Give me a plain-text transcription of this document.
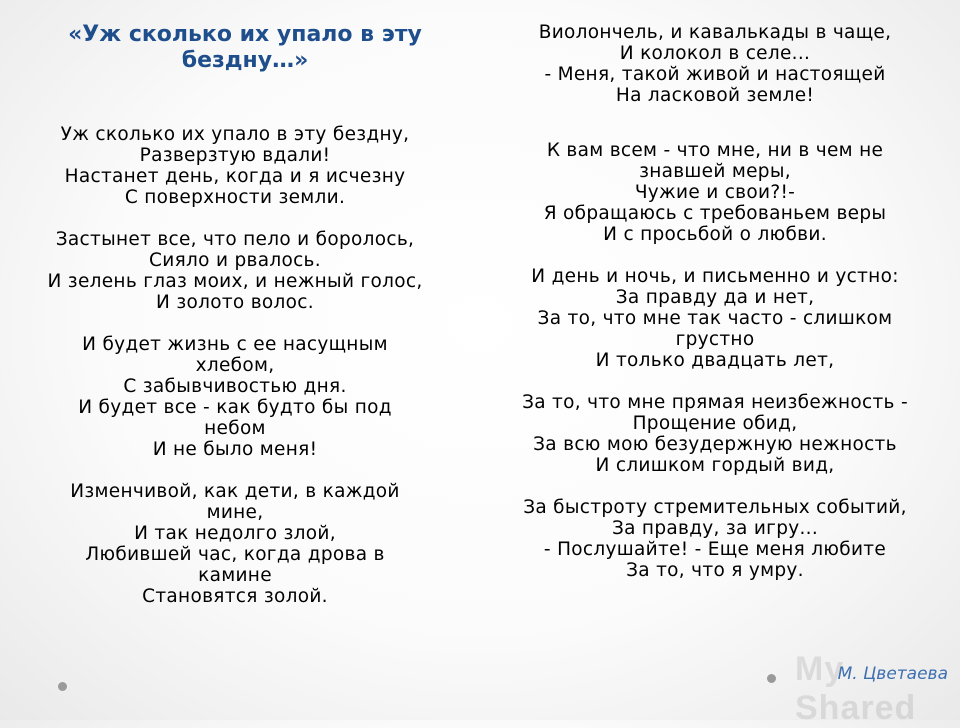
«Уж сколько их упало в эту бездну…»
Уж сколько их упало в эту бездну,
Разверзтую вдали!
Настанет день, когда и я исчезну
С поверхности земли.
Застынет все, что пело и боролось,
Сияло и рвалось.
И зелень глаз моих, и нежный голос,
И золото волос.
И будет жизнь с ее насущным
хлебом,
С забывчивостью дня.
И будет все - как будто бы под
небом
И не было меня!
Изменчивой, как дети, в каждой
мине,
И так недолго злой,
Любившей час, когда дрова в
камине
Становятся золой.
Виолончель, и кавалькады в чаще,
И колокол в селе...
- Меня, такой живой и настоящей
На ласковой земле!
К вам всем - что мне, ни в чем не
знавшей меры,
Чужие и свои?!-
Я обращаюсь с требованьем веры
И с просьбой о любви.
И день и ночь, и письменно и устно:
За правду да и нет,
За то, что мне так часто - слишком
грустно
И только двадцать лет,
За то, что мне прямая неизбежность -
Прощение обид,
За всю мою безудержную нежность
И слишком гордый вид,
За быстроту стремительных событий,
За правду, за игру...
- Послушайте! - Еще меня любите
За то, что я умру.
My Shared
М. Цветаева
